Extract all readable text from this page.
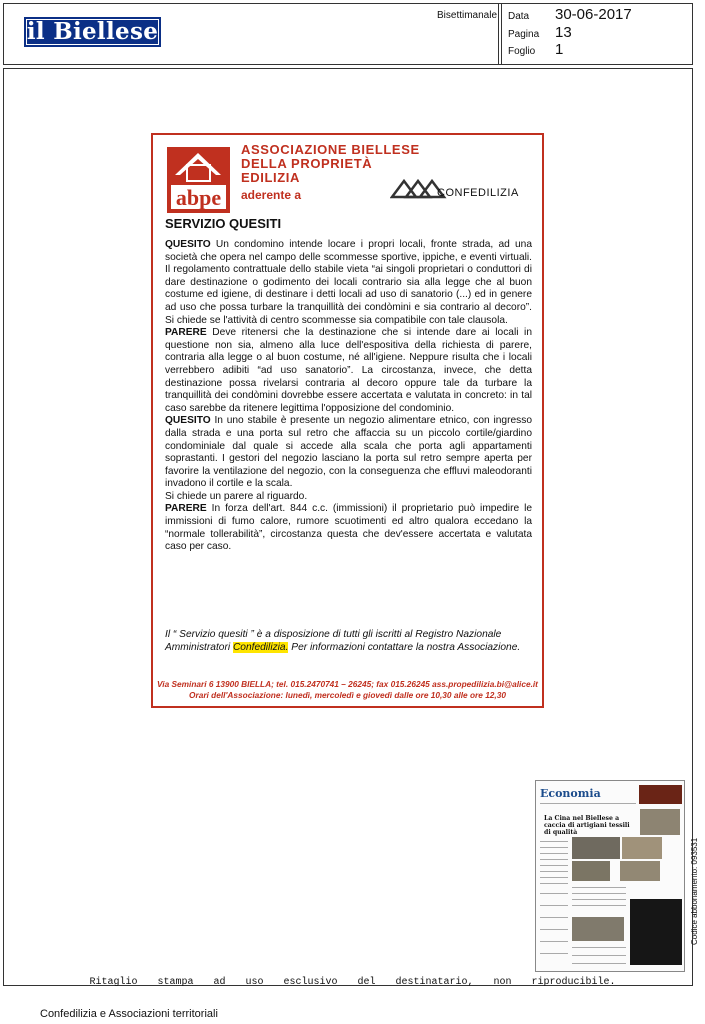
il Biellese
Bisettimanale Data 30-06-2017
Pagina 13
Foglio 1
abpe
ASSOCIAZIONE BIELLESE
DELLA PROPRIETÀ
EDILIZIA
aderente a	CONFEDILIZIA
SERVIZIO QUESITI

QUESITO Un condomino intende locare i propri locali, fronte strada, ad una società che opera nel campo delle scommesse sportive, ippiche, e eventi virtuali. Il regolamento contrattuale dello stabile vieta “ai singoli proprietari o conduttori di dare destinazione o godimento dei locali contrario sia alla legge che al buon costume ed igiene, di destinare i detti locali ad uso di sanatorio (...) ed in genere ad uso che possa turbare la tranquillità dei condòmini e sia contrario al decoro”. Si chiede se l'attività di centro scommesse sia compatibile con tale clausola.

PARERE Deve ritenersi che la destinazione che si intende dare ai locali in questione non sia, almeno alla luce dell'espositiva della richiesta di parere, contraria alla legge o al buon costume, né all'igiene. Neppure risulta che i locali verrebbero adibiti “ad uso sanatorio”. La circostanza, invece, che detta destinazione possa rivelarsi contraria al decoro oppure tale da turbare la tranquillità dei condòmini dovrebbe essere accertata e valutata in concreto: in tal caso sarebbe da ritenere legittima l'opposizione del condominio.

QUESITO In uno stabile è presente un negozio alimentare etnico, con ingresso dalla strada e una porta sul retro che affaccia su un piccolo cortile/giardino condominiale dal quale si accede alla scala che porta agli appartamenti soprastanti. I gestori del negozio lasciano la porta sul retro sempre aperta per favorire la ventilazione del negozio, con la conseguenza che effluvi maleodoranti invadono il cortile e la scala.

Si chiede un parere al riguardo.

PARERE In forza dell'art. 844 c.c. (immissioni) il proprietario può impedire le immissioni di fumo calore, rumore scuotimenti ed altro qualora eccedano la “normale tollerabilità”, circostanza questa che dev'essere accertata e valutata caso per caso.

Il “ Servizio quesiti ” è a disposizione di tutti gli iscritti al Registro Nazionale Amministratori Confedilizia. Per informazioni contattare la nostra Associazione.
Via Seminari 6 13900 BIELLA; tel. 015.2470741 – 26245; fax 015.26245 ass.propedilizia.bi@alice.it
Orari dell'Associazione: lunedì, mercoledì e giovedì dalle ore 10,30 alle ore 12,30
Economia
La Cina nel Biellese a caccia di artigiani tessili di qualità
Codice abbonamento: 093531
Ritaglio stampa ad uso esclusivo del destinatario, non riproducibile.
Confedilizia e Associazioni territoriali
